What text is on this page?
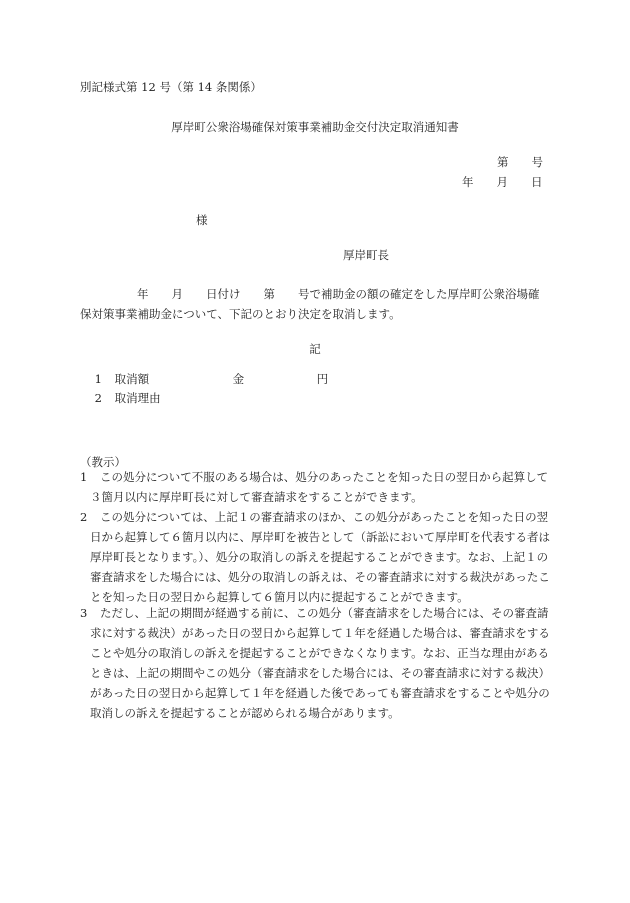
別記様式第 12 号（第 14 条関係）
厚岸町公衆浴場確保対策事業補助金交付決定取消通知書
第　　号
年　　月　　日
様
厚岸町長
年　　月　　日付け　　第　　号で補助金の額の確定をした厚岸町公衆浴場確保対策事業補助金について、下記のとおり決定を取消します。
記

1 取消額	金	円

2 取消理由

（教示）
1	この処分について不服のある場合は、処分のあったことを知った日の翌日から起算して３箇月以内に厚岸町長に対して審査請求をすることができます。
2	この処分については、上記１の審査請求のほか、この処分があったことを知った日の翌日から起算して６箇月以内に、厚岸町を被告として（訴訟において厚岸町を代表する者は厚岸町長となります。）、処分の取消しの訴えを提起することができます。なお、上記１の審査請求をした場合には、処分の取消しの訴えは、その審査請求に対する裁決があったことを知った日の翌日から起算して６箇月以内に提起することができます。
3	ただし、上記の期間が経過する前に、この処分（審査請求をした場合には、その審査請求に対する裁決）があった日の翌日から起算して１年を経過した場合は、審査請求をすることや処分の取消しの訴えを提起することができなくなります。なお、正当な理由があるときは、上記の期間やこの処分（審査請求をした場合には、その審査請求に対する裁決）があった日の翌日から起算して１年を経過した後であっても審査請求をすることや処分の取消しの訴えを提起することが認められる場合があります。
